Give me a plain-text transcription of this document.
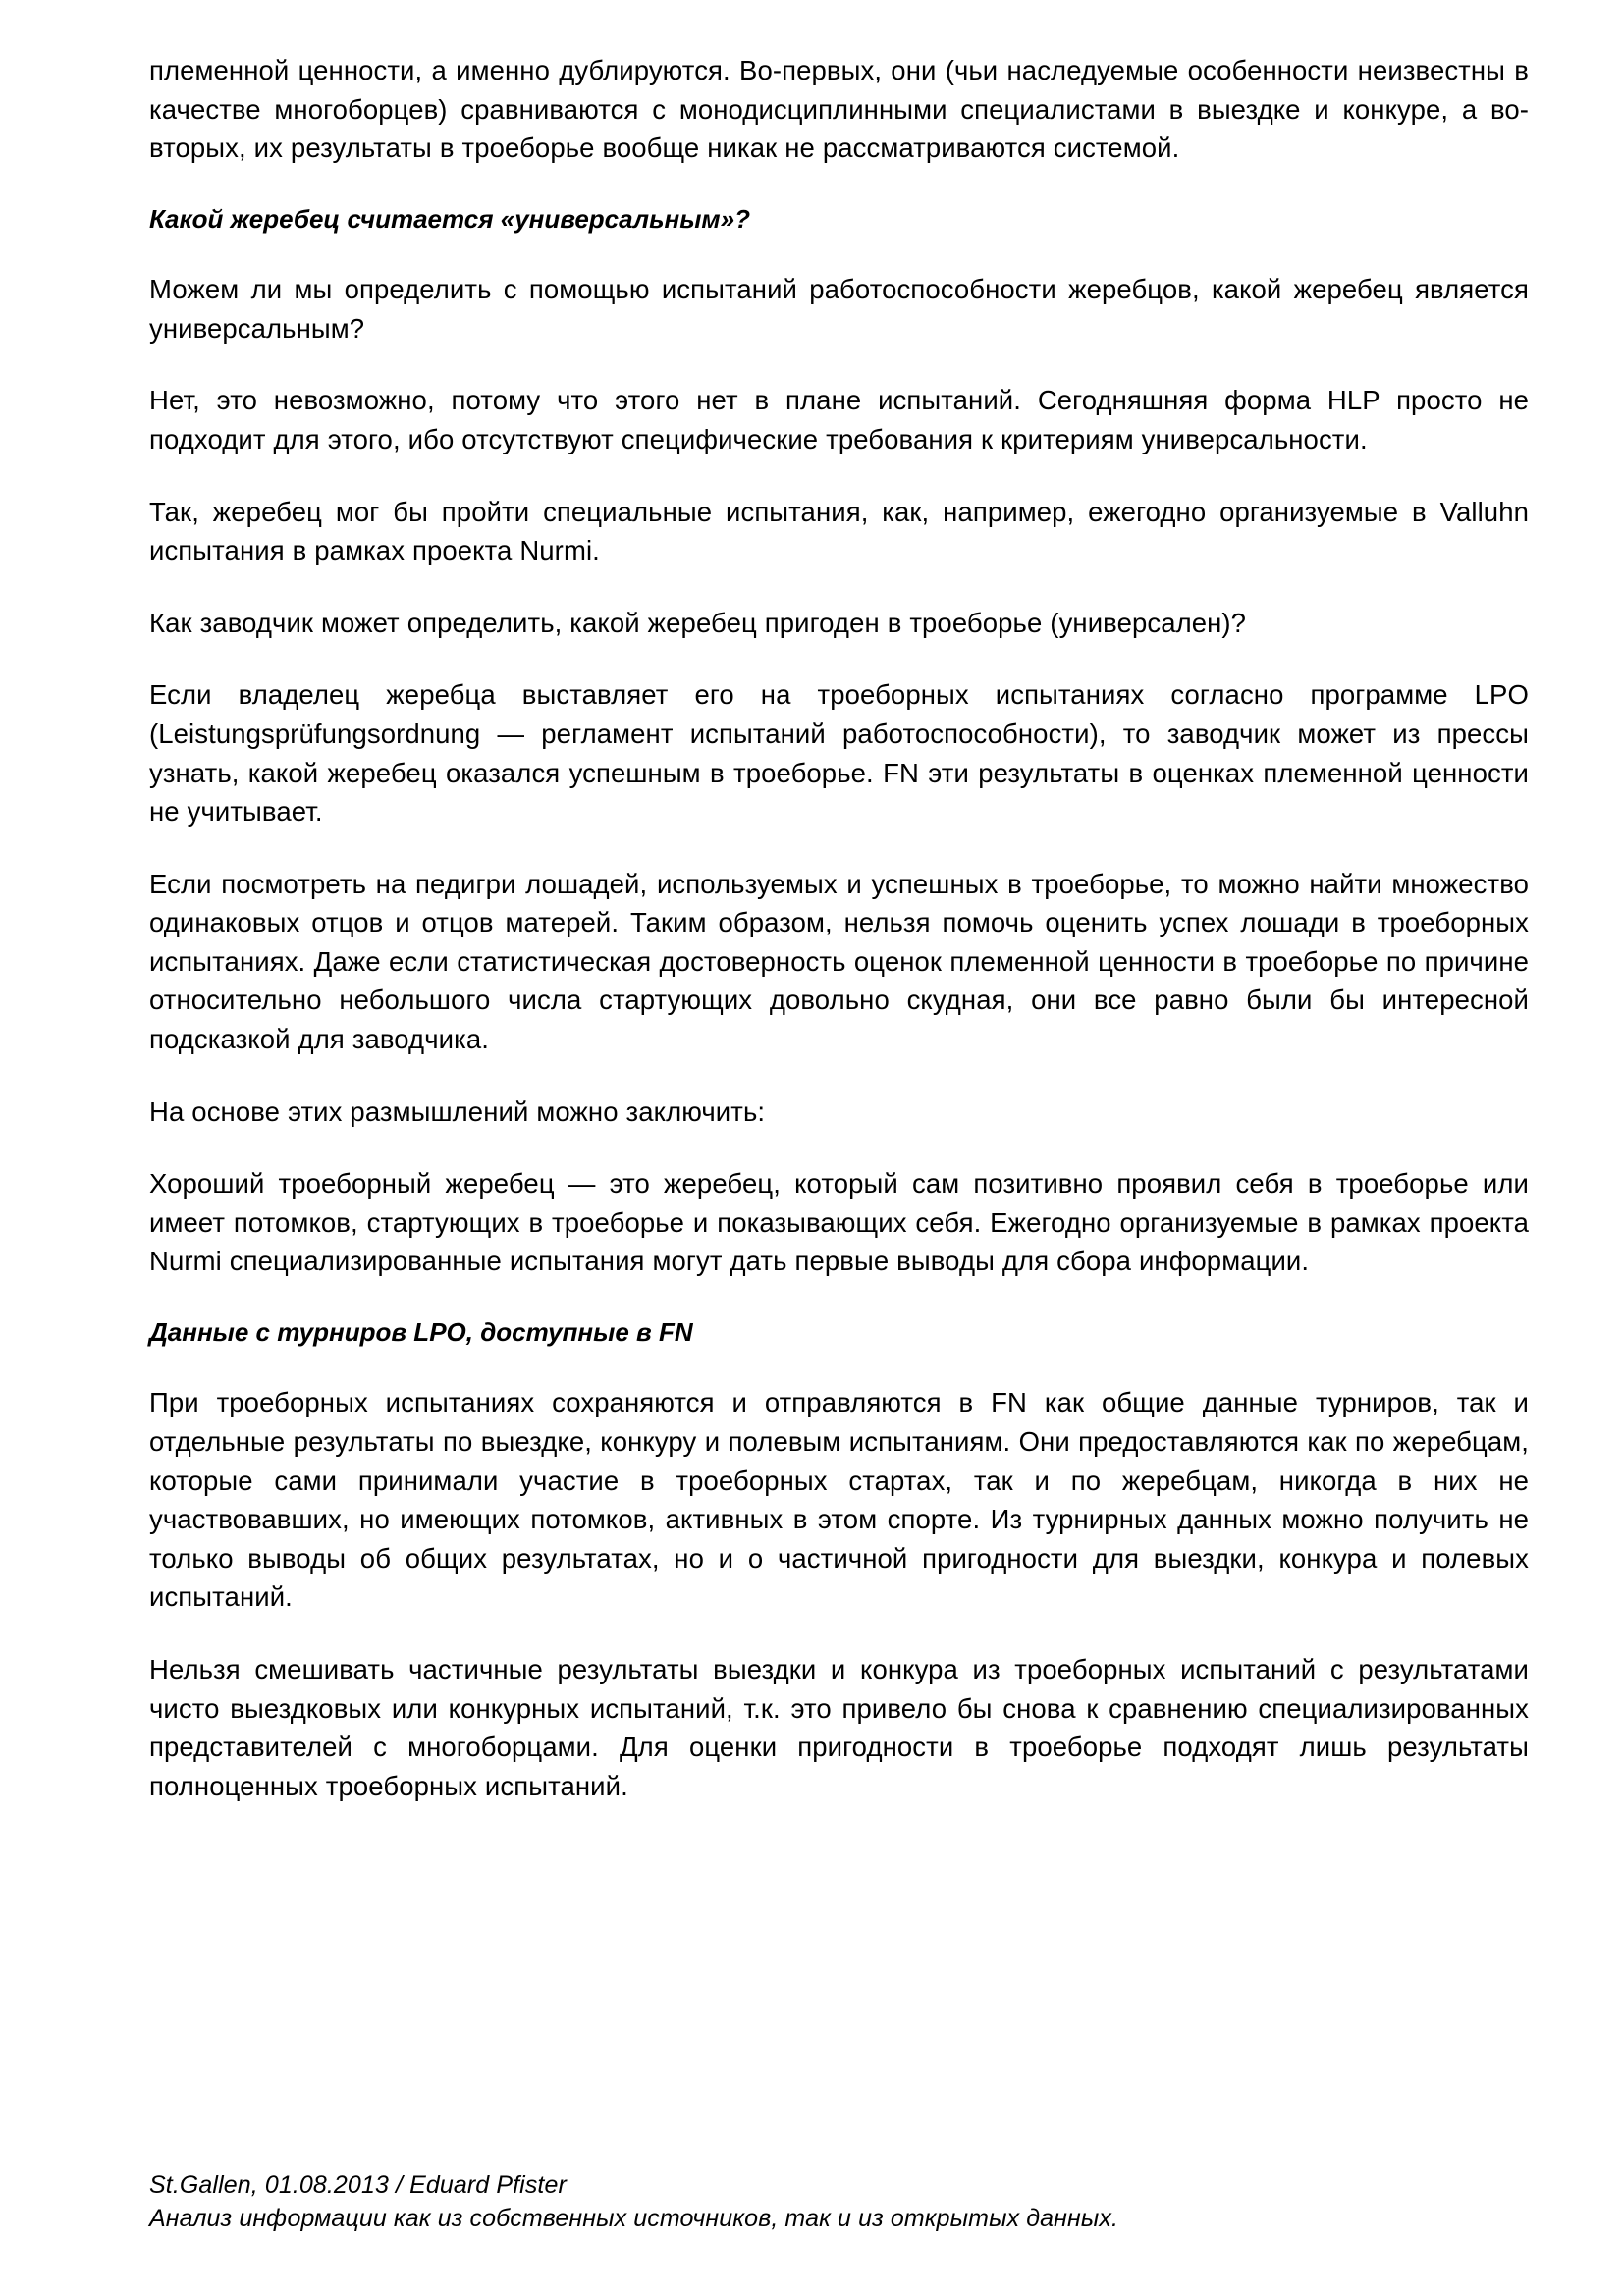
племенной ценности, а именно дублируются. Во-первых, они (чьи наследуемые особенности неизвестны в качестве многоборцев) сравниваются с монодисциплинными специалистами в выездке и конкуре, а во-вторых, их результаты в троеборье вообще никак не рассматриваются системой.

Какой жеребец считается «универсальным»?

Можем ли мы определить с помощью испытаний работоспособности жеребцов, какой жеребец является универсальным?

Нет, это невозможно, потому что этого нет в плане испытаний. Сегодняшняя форма HLP просто не подходит для этого, ибо отсутствуют специфические требования к критериям универсальности.

Так, жеребец мог бы пройти специальные испытания, как, например, ежегодно организуемые в Valluhn испытания в рамках проекта Nurmi.

Как заводчик может определить, какой жеребец пригоден в троеборье (универсален)?

Если владелец жеребца выставляет его на троеборных испытаниях согласно программе LPO (Leistungsprüfungsordnung — регламент испытаний работоспособности), то заводчик может из прессы узнать, какой жеребец оказался успешным в троеборье. FN эти результаты в оценках племенной ценности не учитывает.

Если посмотреть на педигри лошадей, используемых и успешных в троеборье, то можно найти множество одинаковых отцов и отцов матерей. Таким образом, нельзя помочь оценить успех лошади в троеборных испытаниях. Даже если статистическая достоверность оценок племенной ценности в троеборье по причине относительно небольшого числа стартующих довольно скудная, они все равно были бы интересной подсказкой для заводчика.

На основе этих размышлений можно заключить:

Хороший троеборный жеребец — это жеребец, который сам позитивно проявил себя в троеборье или имеет потомков, стартующих в троеборье и показывающих себя. Ежегодно организуемые в рамках проекта Nurmi специализированные испытания могут дать первые выводы для сбора информации.

Данные с турниров LPO, доступные в FN

При троеборных испытаниях сохраняются и отправляются в FN как общие данные турниров, так и отдельные результаты по выездке, конкуру и полевым испытаниям. Они предоставляются как по жеребцам, которые сами принимали участие в троеборных стартах, так и по жеребцам, никогда в них не участвовавших, но имеющих потомков, активных в этом спорте. Из турнирных данных можно получить не только выводы об общих результатах, но и о частичной пригодности для выездки, конкура и полевых испытаний.

Нельзя смешивать частичные результаты выездки и конкура из троеборных испытаний с результатами чисто выездковых или конкурных испытаний, т.к. это привело бы снова к сравнению специализированных представителей с многоборцами. Для оценки пригодности в троеборье подходят лишь результаты полноценных троеборных испытаний.

St.Gallen, 01.08.2013 / Eduard Pfister
Анализ информации как из собственных источников, так и из открытых данных.
